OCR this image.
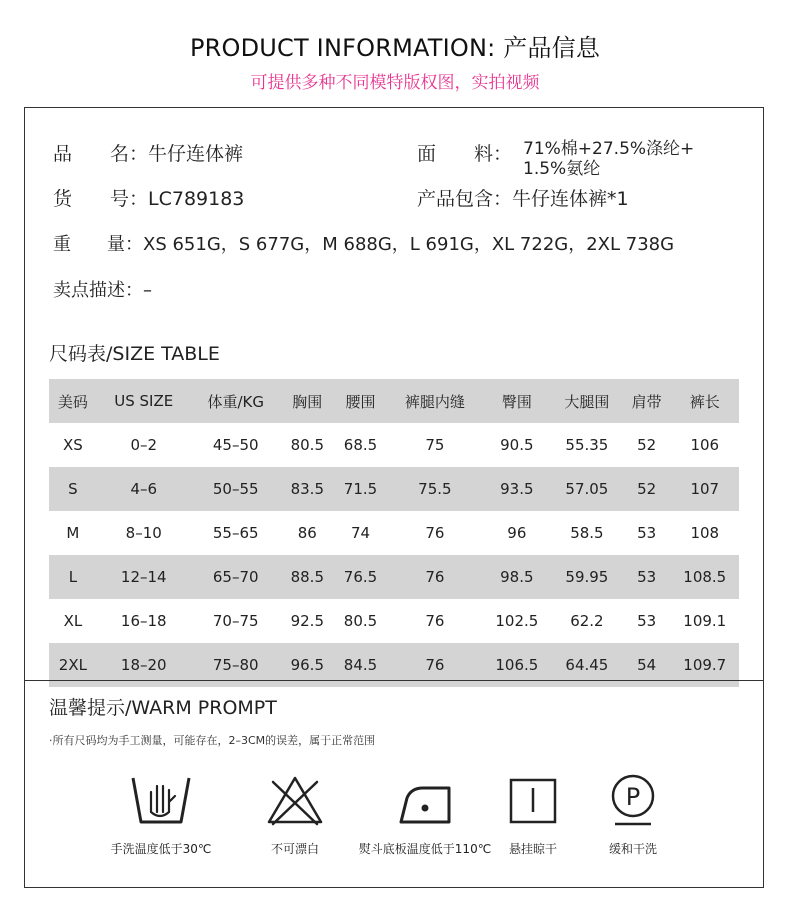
PRODUCT INFORMATION: 产品信息
可提供多种不同模特版权图，实拍视频
品　　名：牛仔连体裤	面　　料： 71%棉+27.5%涤纶+
1.5%氨纶
货　　号：LC789183	产品包含：牛仔连体裤*1
重　　量：XS 651G，S 677G，M 688G，L 691G，XL 722G，2XL 738G
卖点描述：–
尺码表/SIZE TABLE
美码	US SIZE	体重/KG	胸围	腰围	裤腿内缝	臀围	大腿围	肩带	裤长
XS	0–2	45–50	80.5	68.5	75	90.5	55.35	52	106
S	4–6	50–55	83.5	71.5	75.5	93.5	57.05	52	107
M	8–10	55–65	86	74	76	96	58.5	53	108
L	12–14	65–70	88.5	76.5	76	98.5	59.95	53	108.5
XL	16–18	70–75	92.5	80.5	76	102.5	62.2	53	109.1
2XL	18–20	75–80	96.5	84.5	76	106.5	64.45	54	109.7
温馨提示/WARM PROMPT
·所有尺码均为手工测量，可能存在，2–3CM的误差，属于正常范围
手洗温度低于30℃	不可漂白	熨斗底板温度低于110℃	悬挂晾干
P
缓和干洗
